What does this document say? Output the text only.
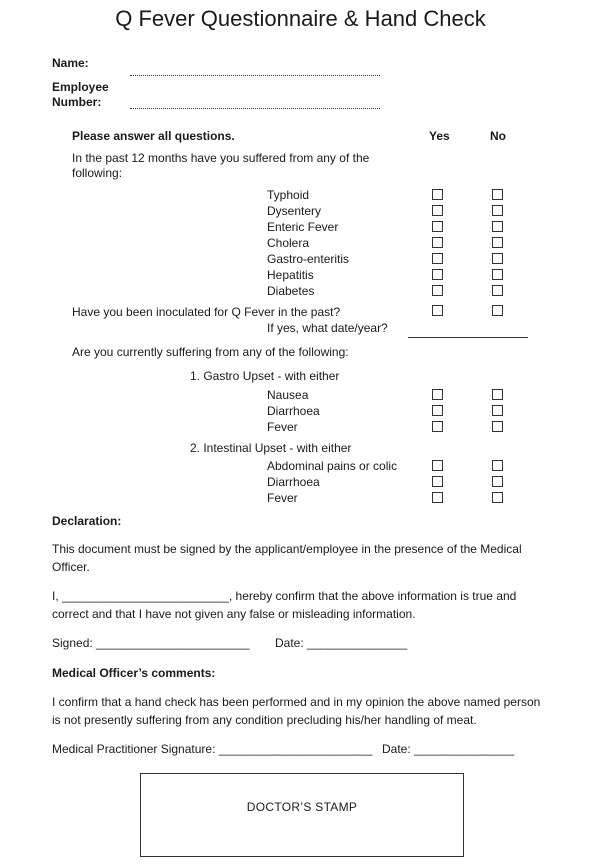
Q Fever Questionnaire & Hand Check
Name:
Employee
Number:
Please answer all questions.	Yes	No
In the past 12 months have you suffered from any of the
following:
Typhoid
Dysentery
Enteric Fever
Cholera
Gastro-enteritis
Hepatitis
Diabetes
Have you been inoculated for Q Fever in the past?
If yes, what date/year?
Are you currently suffering from any of the following:
1. Gastro Upset - with either
Nausea
Diarrhoea
Fever
2. Intestinal Upset - with either
Abdominal pains or colic
Diarrhoea
Fever
Declaration:
This document must be signed by the applicant/employee in the presence of the Medical
Officer.
I, _________________________, hereby confirm that the above information is true and
correct and that I have not given any false or misleading information.
Signed: _______________________ Date: _______________
Medical Officer’s comments:
I confirm that a hand check has been performed and in my opinion the above named person
is not presently suffering from any condition precluding his/her handling of meat.
Medical Practitioner Signature: _______________________ Date: _______________
DOCTOR’S STAMP
